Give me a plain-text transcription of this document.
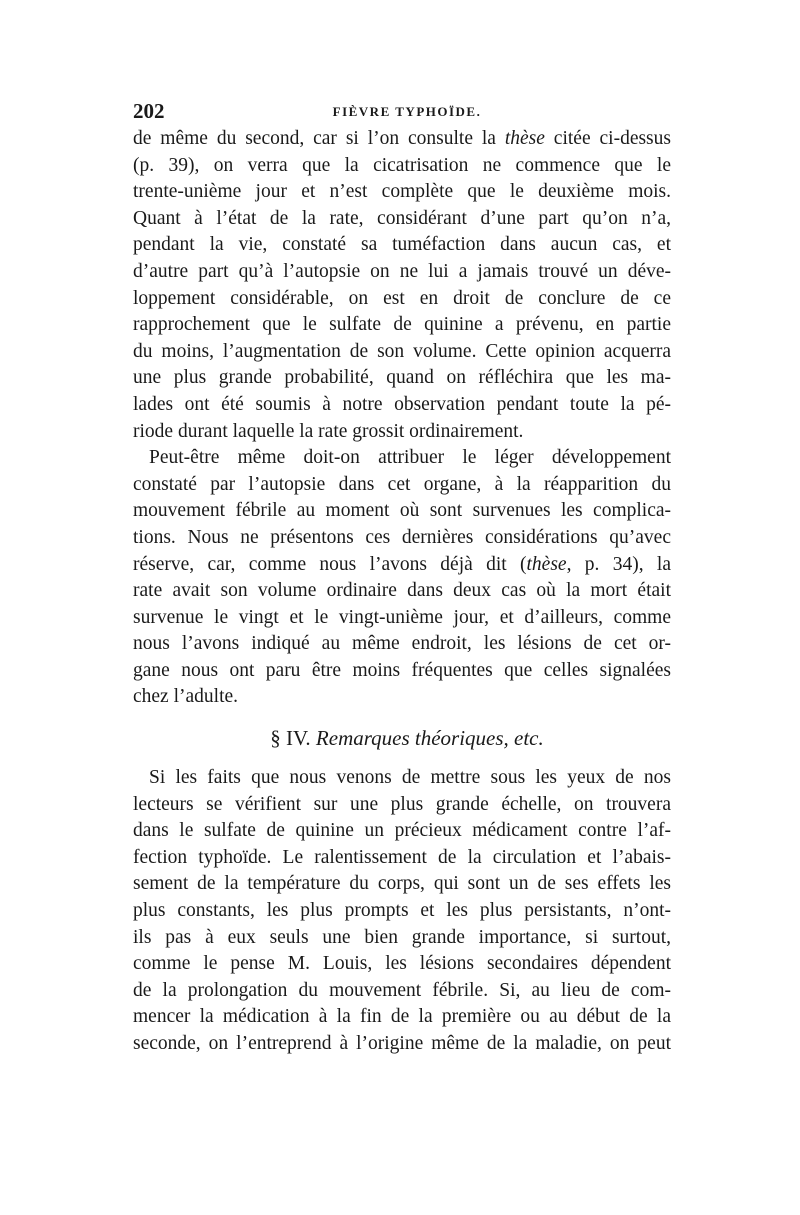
202	FIÈVRE TYPHOÏDE.
de même du second, car si l’on consulte la thèse citée ci-dessus
(p. 39), on verra que la cicatrisation ne commence que le
trente-unième jour et n’est complète que le deuxième mois.
Quant à l’état de la rate, considérant d’une part qu’on n’a,
pendant la vie, constaté sa tuméfaction dans aucun cas, et
d’autre part qu’à l’autopsie on ne lui a jamais trouvé un déve-
loppement considérable, on est en droit de conclure de ce
rapprochement que le sulfate de quinine a prévenu, en partie
du moins, l’augmentation de son volume. Cette opinion acquerra
une plus grande probabilité, quand on réfléchira que les ma-
lades ont été soumis à notre observation pendant toute la pé-
riode durant laquelle la rate grossit ordinairement.
Peut-être même doit-on attribuer le léger développement
constaté par l’autopsie dans cet organe, à la réapparition du
mouvement fébrile au moment où sont survenues les complica-
tions. Nous ne présentons ces dernières considérations qu’avec
réserve, car, comme nous l’avons déjà dit (thèse, p. 34), la
rate avait son volume ordinaire dans deux cas où la mort était
survenue le vingt et le vingt-unième jour, et d’ailleurs, comme
nous l’avons indiqué au même endroit, les lésions de cet or-
gane nous ont paru être moins fréquentes que celles signalées
chez l’adulte.
§ IV. Remarques théoriques, etc.
Si les faits que nous venons de mettre sous les yeux de nos
lecteurs se vérifient sur une plus grande échelle, on trouvera
dans le sulfate de quinine un précieux médicament contre l’af-
fection typhoïde. Le ralentissement de la circulation et l’abais-
sement de la température du corps, qui sont un de ses effets les
plus constants, les plus prompts et les plus persistants, n’ont-
ils pas à eux seuls une bien grande importance, si surtout,
comme le pense M. Louis, les lésions secondaires dépendent
de la prolongation du mouvement fébrile. Si, au lieu de com-
mencer la médication à la fin de la première ou au début de la
seconde, on l’entreprend à l’origine même de la maladie, on peut
